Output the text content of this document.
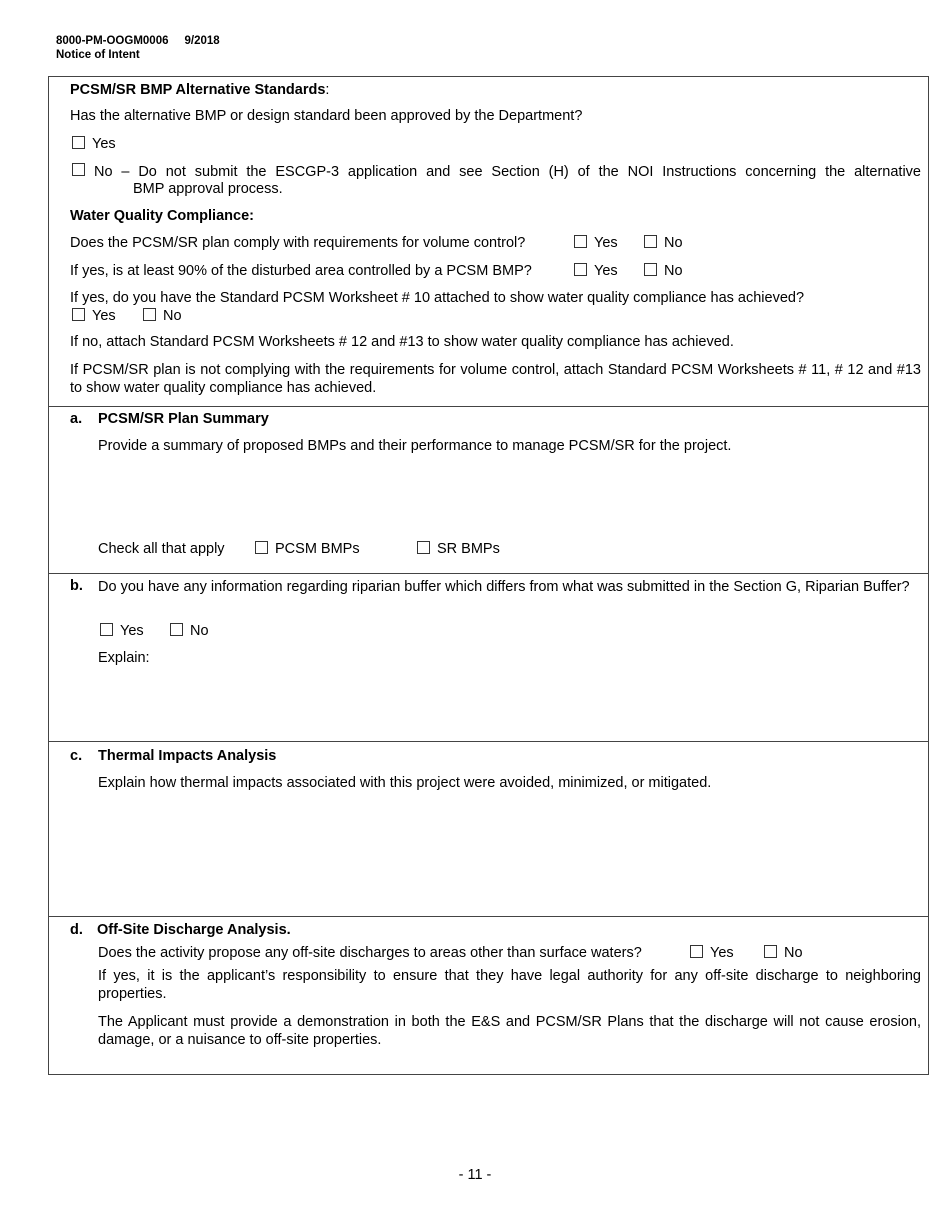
8000-PM-OOGM0006 9/2018
Notice of Intent
PCSM/SR BMP Alternative Standards:
Has the alternative BMP or design standard been approved by the Department?
Yes
No – Do not submit the ESCGP-3 application and see Section (H) of the NOI Instructions concerning the alternative
BMP approval process.
Water Quality Compliance:
Does the PCSM/SR plan comply with requirements for volume control?	Yes	No
If yes, is at least 90% of the disturbed area controlled by a PCSM BMP?	Yes	No
If yes, do you have the Standard PCSM Worksheet # 10 attached to show water quality compliance has achieved?
Yes	No
If no, attach Standard PCSM Worksheets # 12 and #13 to show water quality compliance has achieved.
If PCSM/SR plan is not complying with the requirements for volume control, attach Standard PCSM Worksheets # 11, # 12 and #13 to show water quality compliance has achieved.
a. PCSM/SR Plan Summary
Provide a summary of proposed BMPs and their performance to manage PCSM/SR for the project.
Check all that apply	PCSM BMPs	SR BMPs
b. Do you have any information regarding riparian buffer which differs from what was submitted in the Section G, Riparian Buffer?
Yes	No
Explain:
c. Thermal Impacts Analysis
Explain how thermal impacts associated with this project were avoided, minimized, or mitigated.
d. Off-Site Discharge Analysis.
Does the activity propose any off-site discharges to areas other than surface waters?	Yes	No
If yes, it is the applicant’s responsibility to ensure that they have legal authority for any off-site discharge to neighboring properties.
The Applicant must provide a demonstration in both the E&S and PCSM/SR Plans that the discharge will not cause erosion, damage, or a nuisance to off-site properties.
- 11 -
